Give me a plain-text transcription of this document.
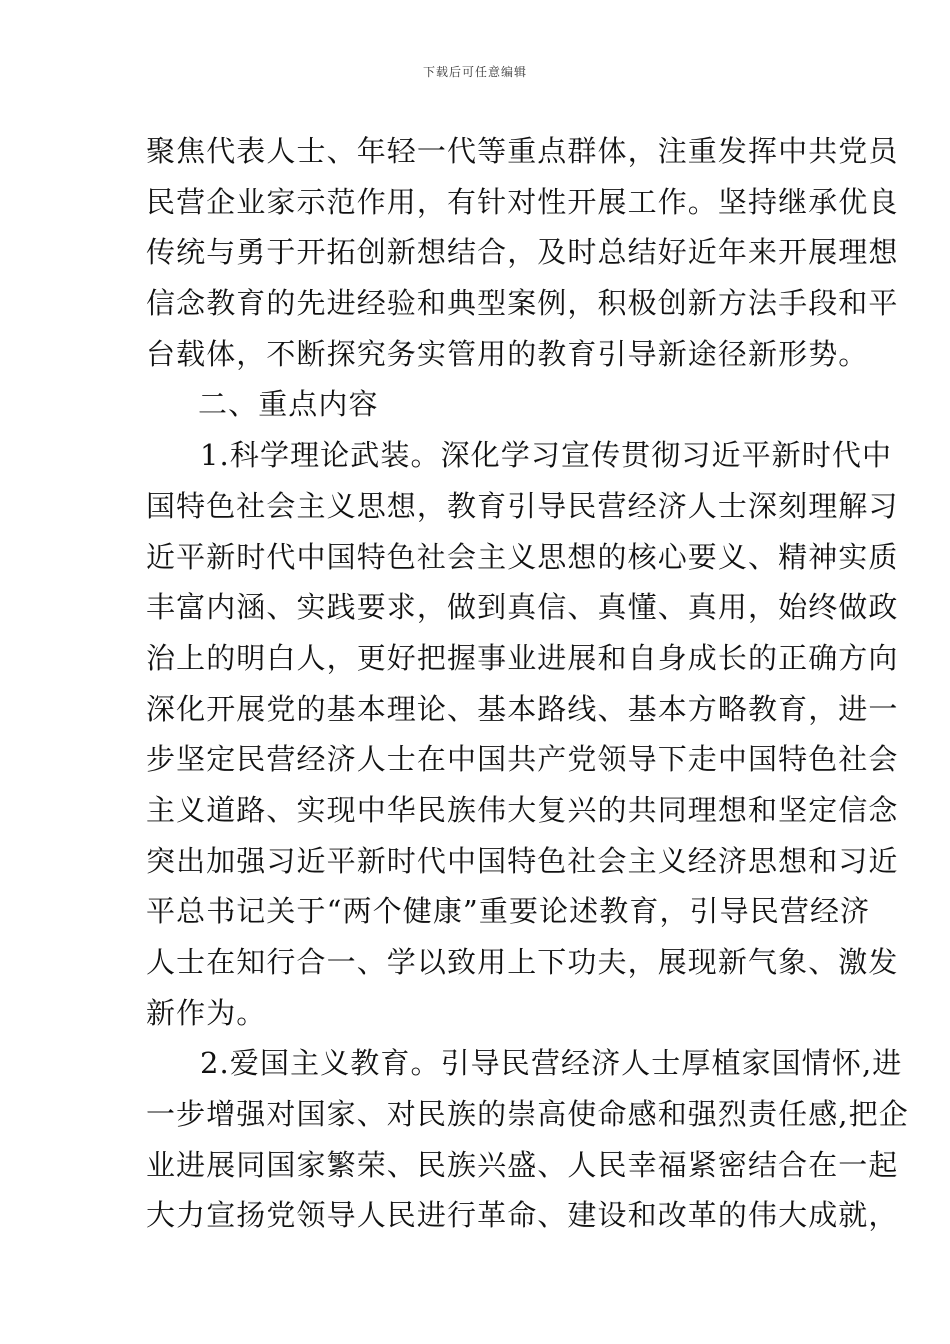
下载后可任意编辑
聚焦代表人士、年轻一代等重点群体，注重发挥中共党员
民营企业家示范作用，有针对性开展工作。坚持继承优良
传统与勇于开拓创新想结合，及时总结好近年来开展理想
信念教育的先进经验和典型案例，积极创新方法手段和平
台载体，不断探究务实管用的教育引导新途径新形势。
二、重点内容
1.科学理论武装。深化学习宣传贯彻习近平新时代中
国特色社会主义思想，教育引导民营经济人士深刻理解习
近平新时代中国特色社会主义思想的核心要义、精神实质
丰富内涵、实践要求，做到真信、真懂、真用，始终做政
治上的明白人，更好把握事业进展和自身成长的正确方向
深化开展党的基本理论、基本路线、基本方略教育，进一
步坚定民营经济人士在中国共产党领导下走中国特色社会
主义道路、实现中华民族伟大复兴的共同理想和坚定信念
突出加强习近平新时代中国特色社会主义经济思想和习近
平总书记关于“两个健康”重要论述教育，引导民营经济
人士在知行合一、学以致用上下功夫，展现新气象、激发
新作为。
2.爱国主义教育。引导民营经济人士厚植家国情怀,进
一步增强对国家、对民族的崇高使命感和强烈责任感,把企
业进展同国家繁荣、民族兴盛、人民幸福紧密结合在一起
大力宣扬党领导人民进行革命、建设和改革的伟大成就，
